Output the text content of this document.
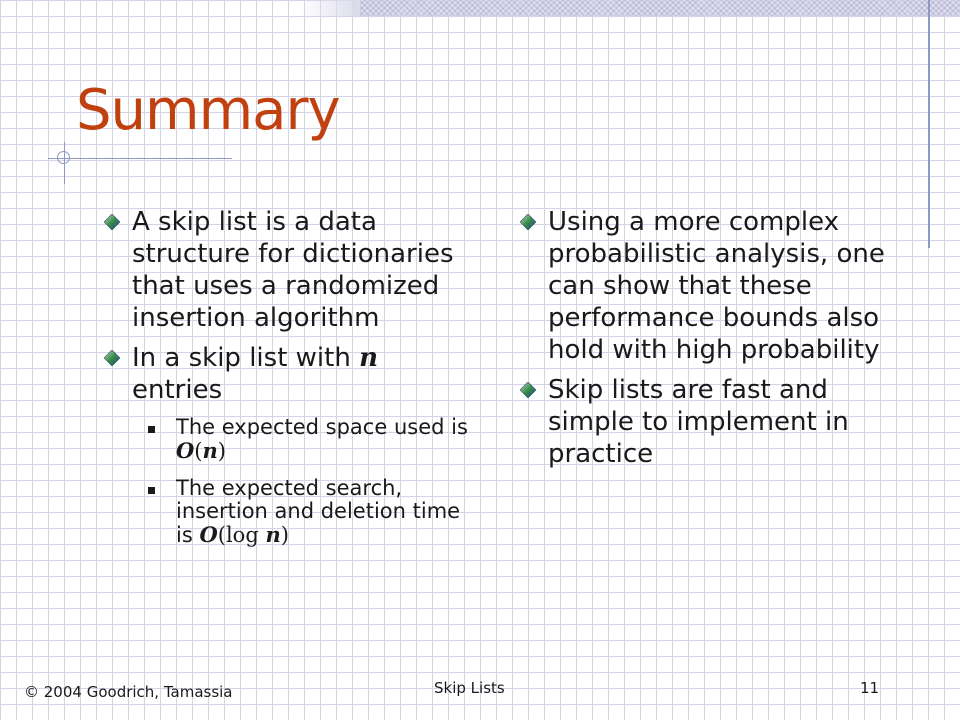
Summary
A skip list is a data structure for dictionaries that uses a randomized insertion algorithm
In a skip list with n entries
The expected space used is O(n)
The expected search, insertion and deletion time is O(log n)
Using a more complex probabilistic analysis, one can show that these performance bounds also hold with high probability
Skip lists are fast and simple to implement in practice
© 2004 Goodrich, Tamassia	Skip Lists	11
